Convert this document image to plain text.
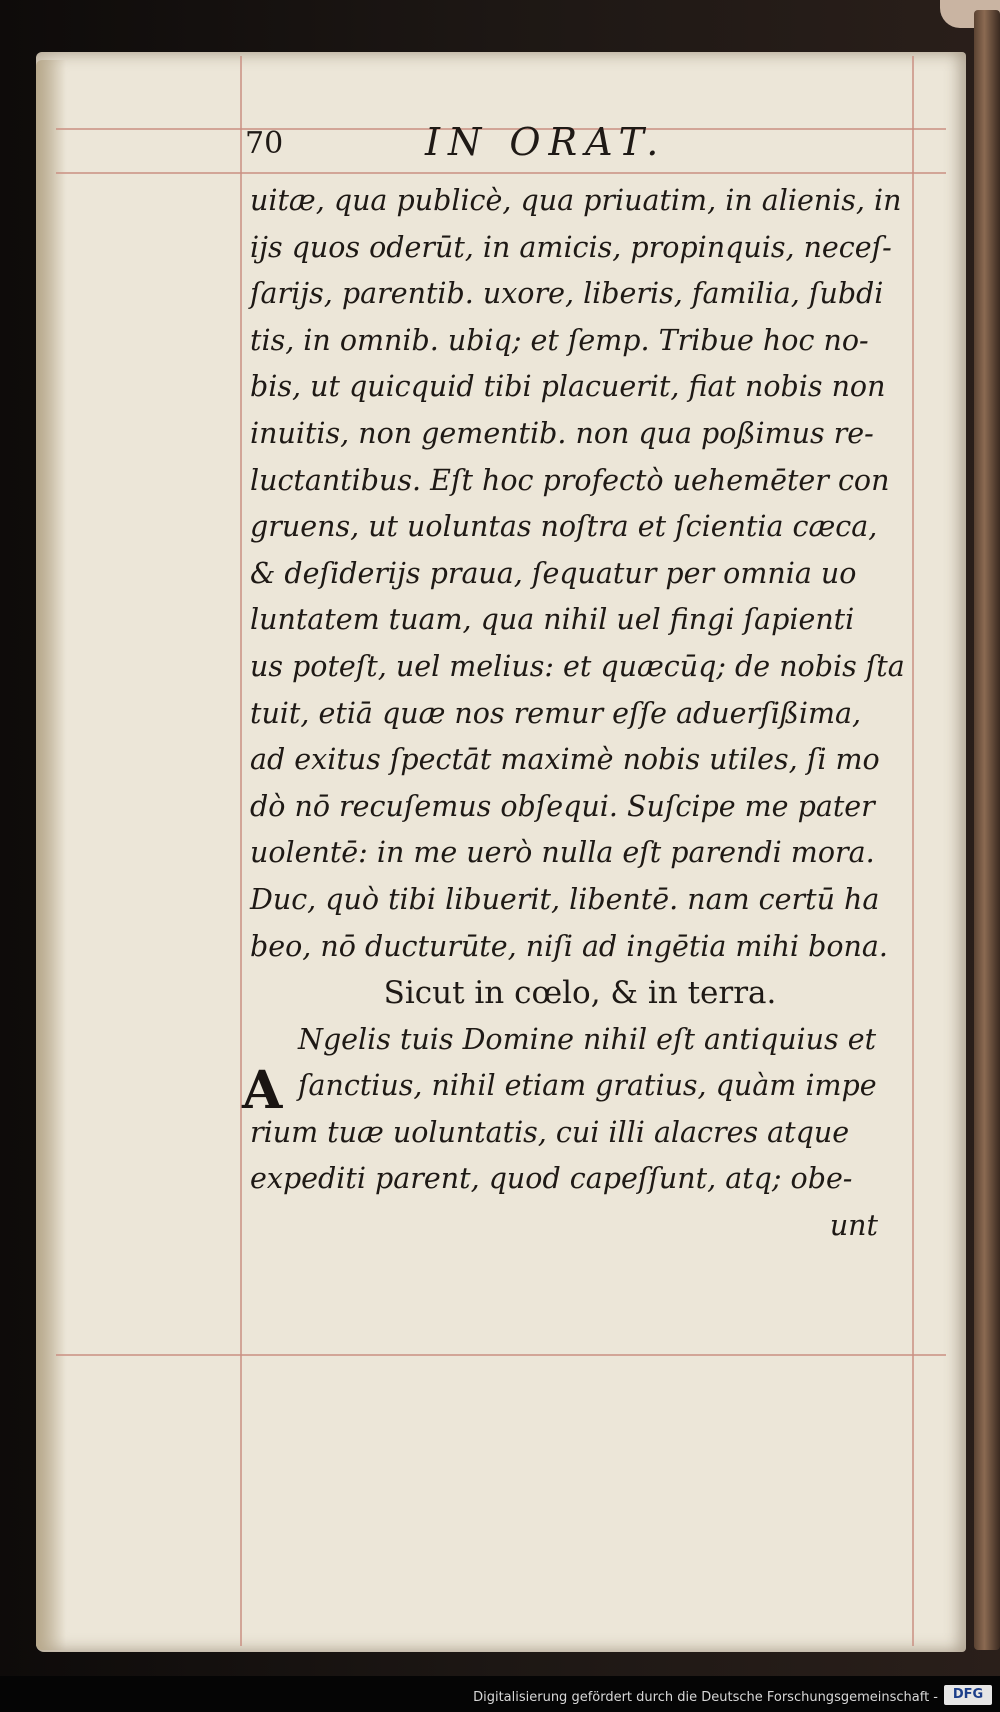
70	IN ORAT.
uitæ, qua publicè, qua priuatim, in alienis, in
ijs quos oderūt, in amicis, propinquis, neceſ-
ſarijs, parentib. uxore, liberis, familia, ſubdi
tis, in omnib. ubiq; et ſemp. Tribue hoc no-
bis, ut quicquid tibi placuerit, fiat nobis non
inuitis, non gementib. non qua poßimus re-
luctantibus. Eſt hoc profectò uehemēter con
gruens, ut uoluntas noſtra et ſcientia cæca,
& deſiderijs praua, ſequatur per omnia uo
luntatem tuam, qua nihil uel fingi ſapienti
us poteſt, uel melius: et quæcūq; de nobis ſta
tuit, etiā quæ nos remur eſſe aduerſißima,
ad exitus ſpectāt maximè nobis utiles, ſi mo
dò nō recuſemus obſequi. Suſcipe me pater
uolentē: in me uerò nulla eſt parendi mora.
Duc, quò tibi libuerit, libentē. nam certū ha
beo, nō ducturūte, niſi ad ingētia mihi bona.
Sicut in cœlo, & in terra.
A
Ngelis tuis Domine nihil eſt antiquius et
ſanctius, nihil etiam gratius, quàm impe
rium tuæ uoluntatis, cui illi alacres atque
expediti parent, quod capeſſunt, atq; obe-
unt
Digitalisierung gefördert durch die Deutsche Forschungsgemeinschaft -	DFG
